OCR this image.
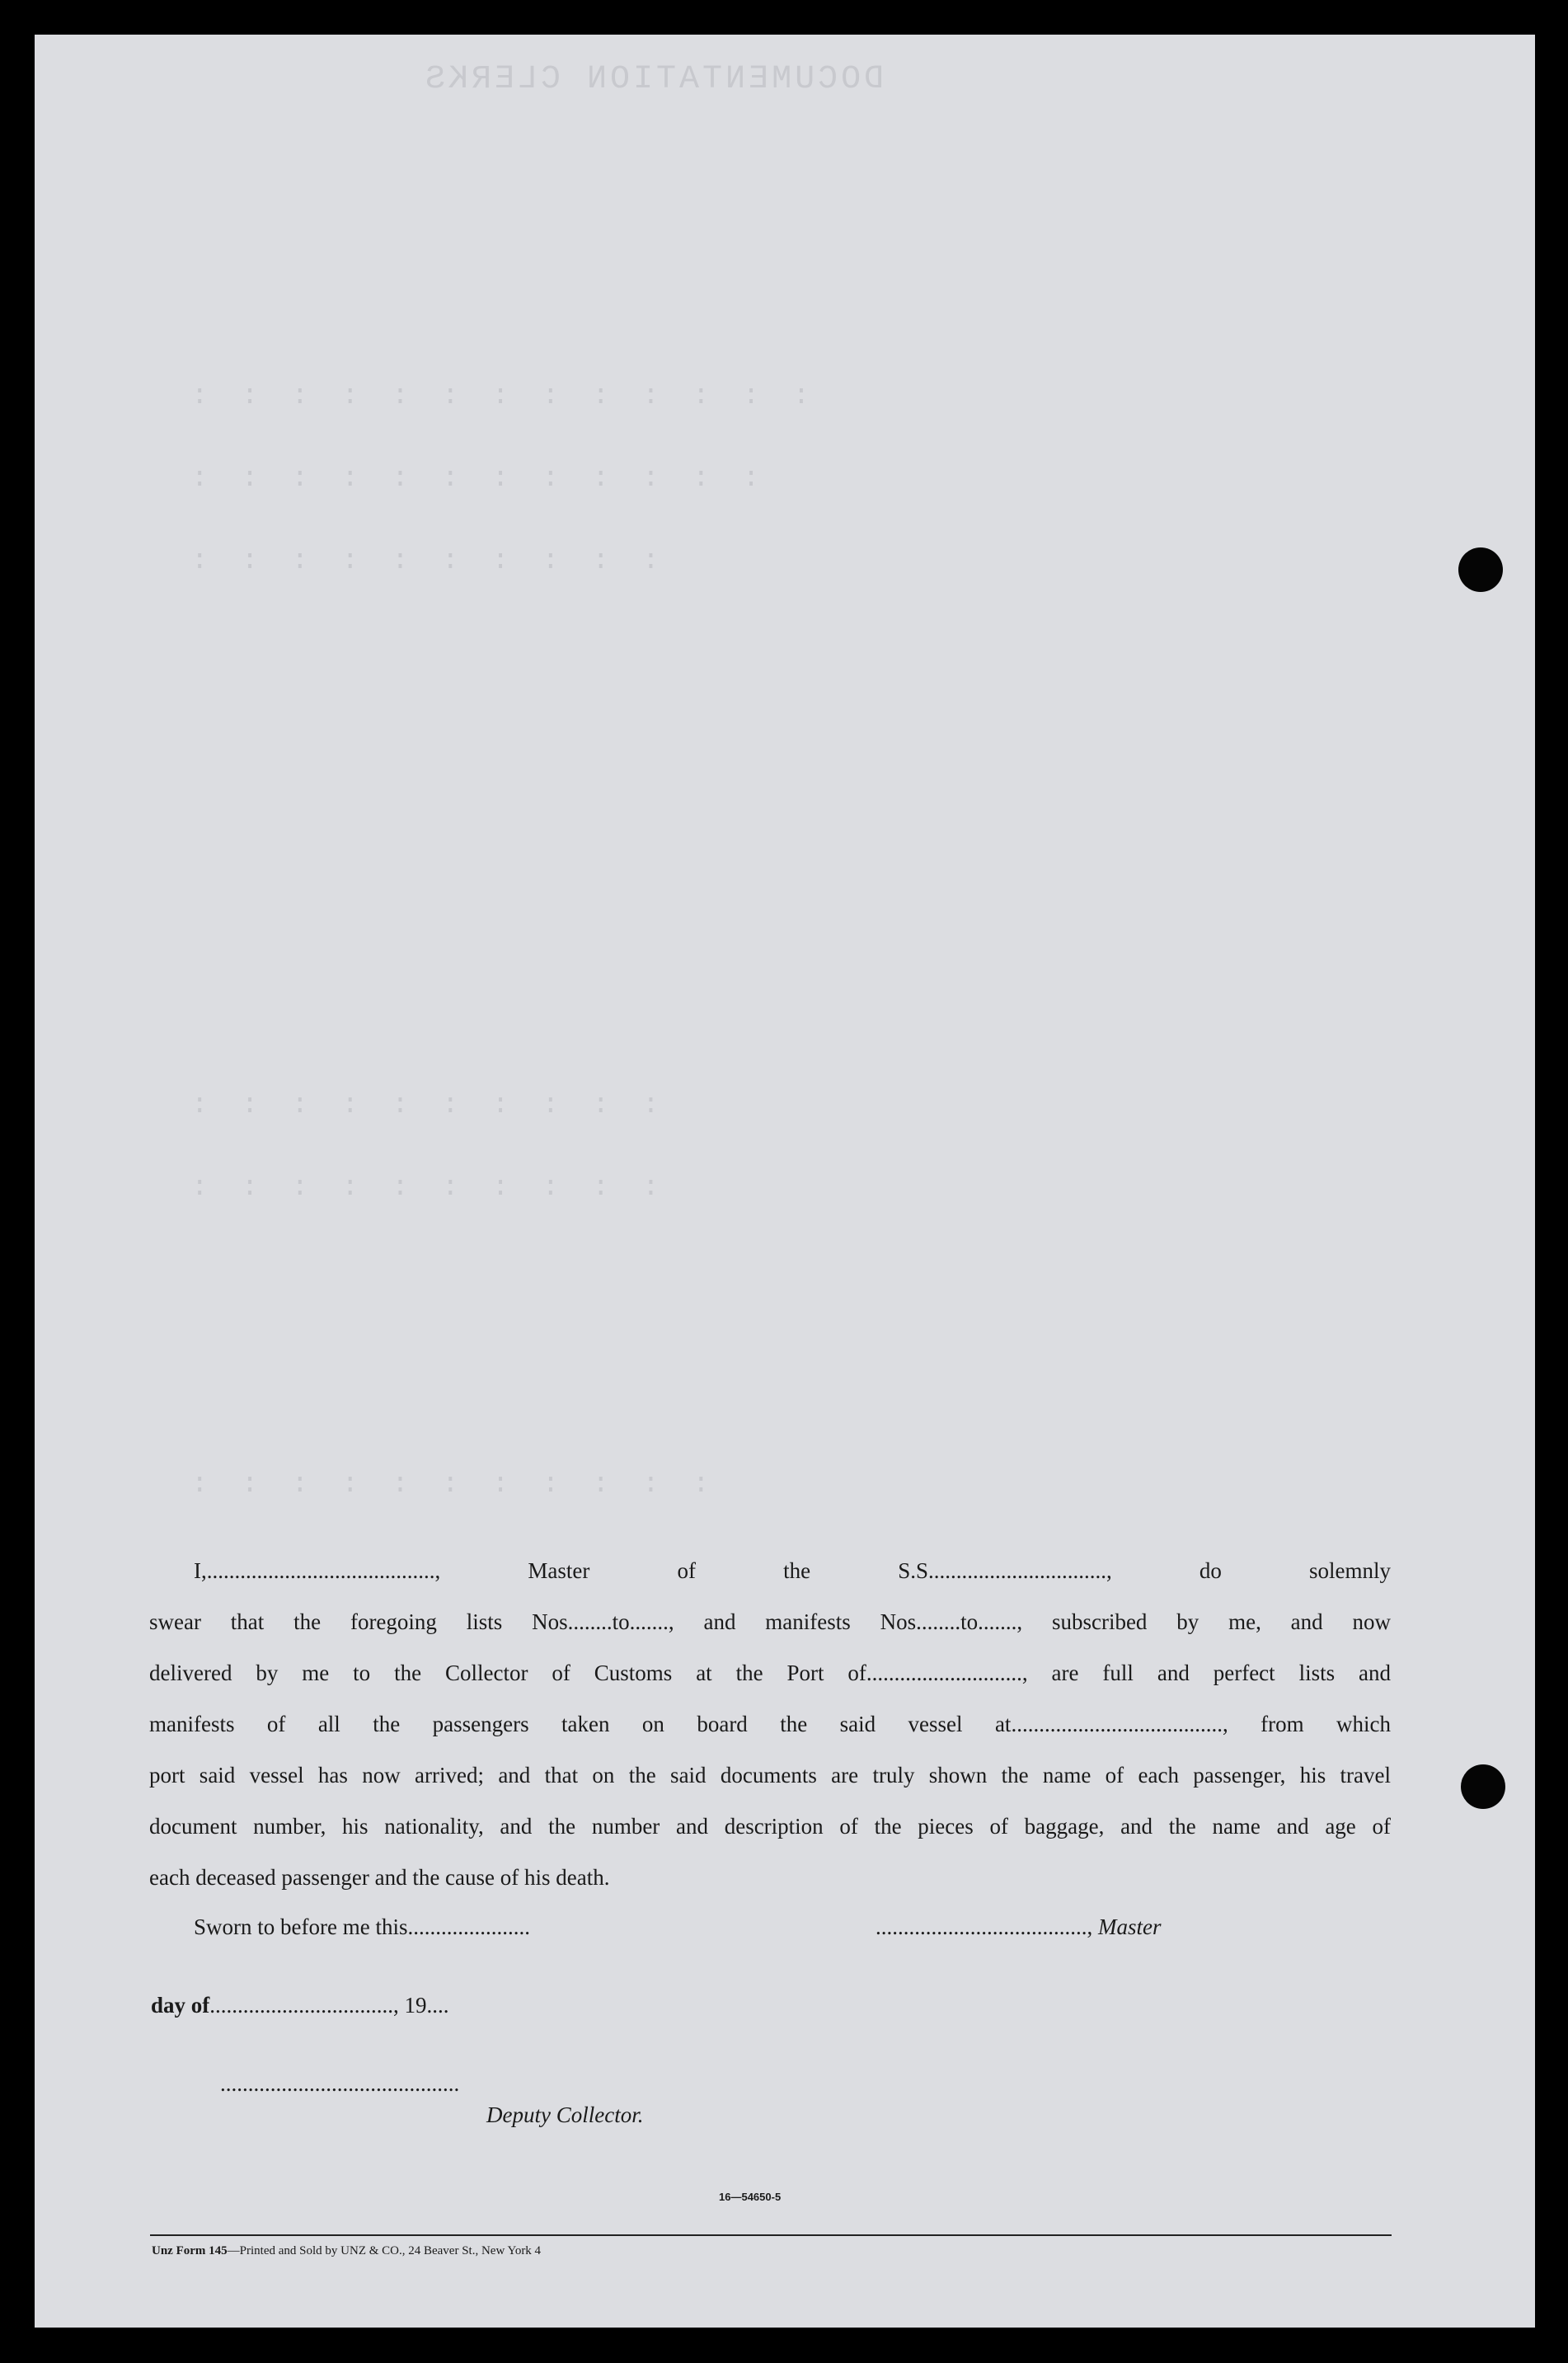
DOCUMENTATION CLERKS
: : : : : : : : : : : : :
: : : : : : : : : : : :
: : : : : : : : : :
: : : : : : : : : :
: : : : : : : : : :
: : : : : : : : : : :
I,........................................., Master of the S.S................................, do solemnly
swear that the foregoing lists Nos........to......., and manifests Nos........to......., subscribed by me, and now
delivered by me to the Collector of Customs at the Port of............................, are full and perfect lists and
manifests of all the passengers taken on board the said vessel at......................................, from which
port said vessel has now arrived; and that on the said documents are truly shown the name of each passenger, his travel
document number, his nationality, and the number and description of the pieces of baggage, and the name and age of
each deceased passenger and the cause of his death.
Sworn to before me this......................	......................................, Master
day of................................., 19....
...........................................
Deputy Collector.
16—54650-5
Unz Form 145—Printed and Sold by UNZ & CO., 24 Beaver St., New York 4
